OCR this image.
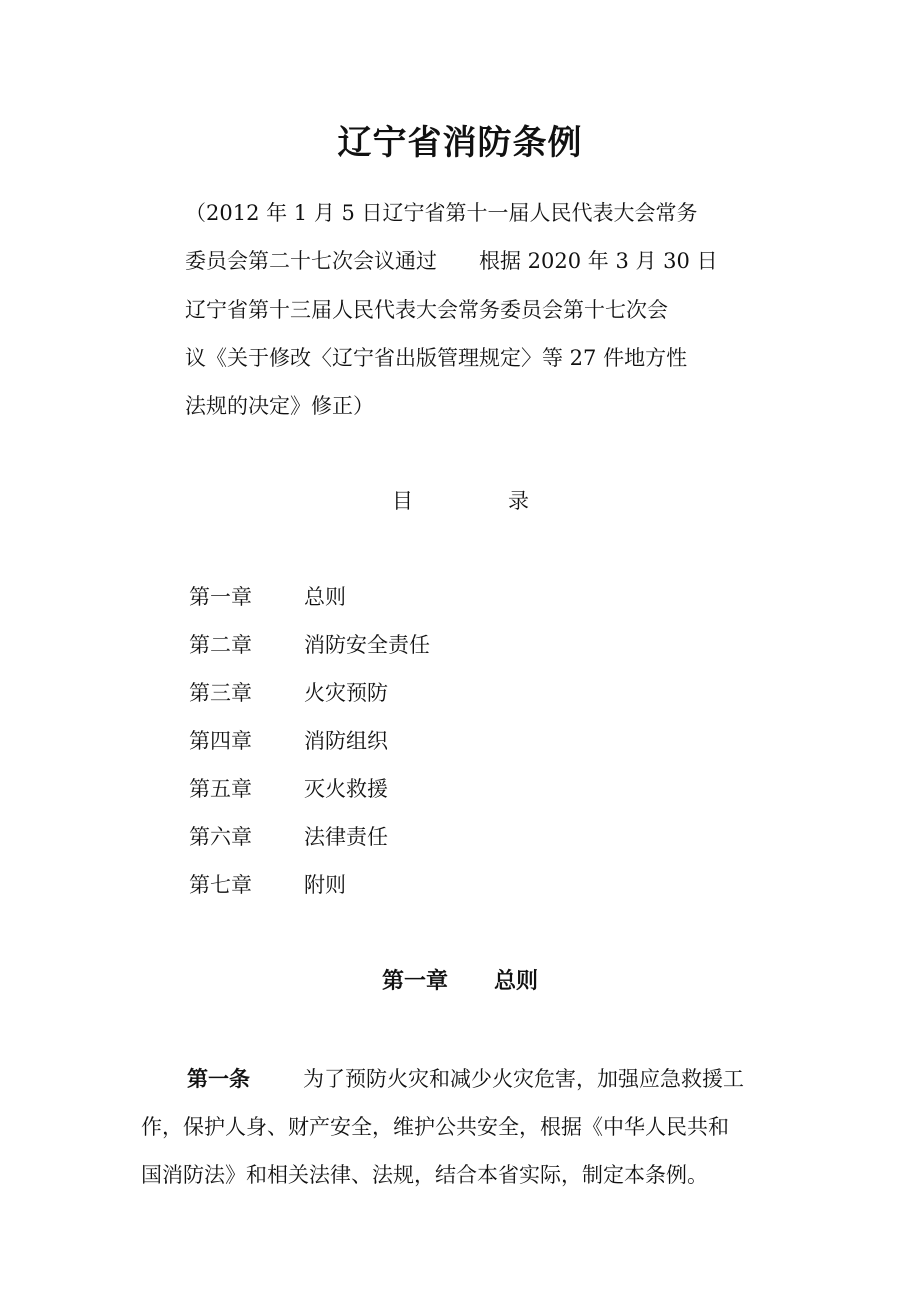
辽宁省消防条例
（2012 年 1 月 5 日辽宁省第十一届人民代表大会常务
委员会第二十七次会议通过　　根据 2020 年 3 月 30 日
辽宁省第十三届人民代表大会常务委员会第十七次会
议《关于修改〈辽宁省出版管理规定〉等 27 件地方性
法规的决定》修正）
目	录
第一章 总则
第二章 消防安全责任
第三章 火灾预防
第四章 消防组织
第五章 灭火救援
第六章 法律责任
第七章 附则
第一章 总则
第一条	为了预防火灾和减少火灾危害，加强应急救援工
作，保护人身、财产安全，维护公共安全，根据《中华人民共和
国消防法》和相关法律、法规，结合本省实际，制定本条例。
